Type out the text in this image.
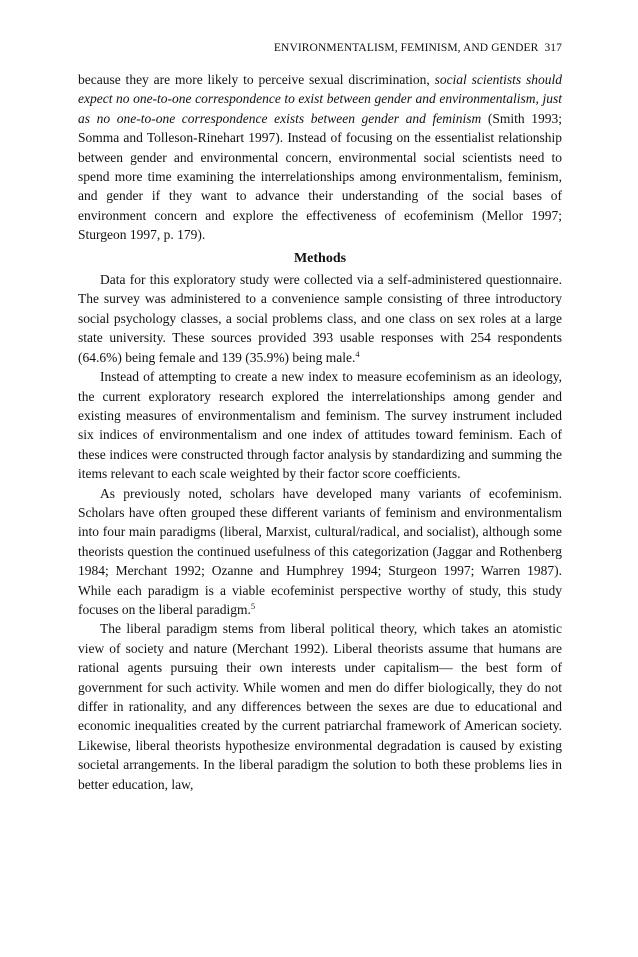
ENVIRONMENTALISM, FEMINISM, AND GENDER 317

because they are more likely to perceive sexual discrimination, social scientists should expect no one-to-one correspondence to exist between gender and environmentalism, just as no one-to-one correspondence exists between gender and feminism (Smith 1993; Somma and Tolleson-Rinehart 1997). Instead of focusing on the essentialist relationship between gender and environmental concern, environmental social scientists need to spend more time examining the interrelationships among environmentalism, feminism, and gender if they want to advance their understanding of the social bases of environment concern and explore the effectiveness of ecofeminism (Mellor 1997; Sturgeon 1997, p. 179).

Methods

Data for this exploratory study were collected via a self-administered questionnaire. The survey was administered to a convenience sample consisting of three introductory social psychology classes, a social problems class, and one class on sex roles at a large state university. These sources provided 393 usable responses with 254 respondents (64.6%) being female and 139 (35.9%) being male.$^4$

Instead of attempting to create a new index to measure ecofeminism as an ideology, the current exploratory research explored the interrelationships among gender and existing measures of environmentalism and feminism. The survey instrument included six indices of environmentalism and one index of attitudes toward feminism. Each of these indices were constructed through factor analysis by standardizing and summing the items relevant to each scale weighted by their factor score coefficients.

As previously noted, scholars have developed many variants of ecofeminism. Scholars have often grouped these different variants of feminism and environmentalism into four main paradigms (liberal, Marxist, cultural/radical, and socialist), although some theorists question the continued usefulness of this categorization (Jaggar and Rothenberg 1984; Merchant 1992; Ozanne and Humphrey 1994; Sturgeon 1997; Warren 1987). While each paradigm is a viable ecofeminist perspective worthy of study, this study focuses on the liberal paradigm.$^5$

The liberal paradigm stems from liberal political theory, which takes an atomistic view of society and nature (Merchant 1992). Liberal theorists assume that humans are rational agents pursuing their own interests under capitalism— the best form of government for such activity. While women and men do differ biologically, they do not differ in rationality, and any differences between the sexes are due to educational and economic inequalities created by the current patriarchal framework of American society. Likewise, liberal theorists hypothesize environmental degradation is caused by existing societal arrangements. In the liberal paradigm the solution to both these problems lies in better education, law,
